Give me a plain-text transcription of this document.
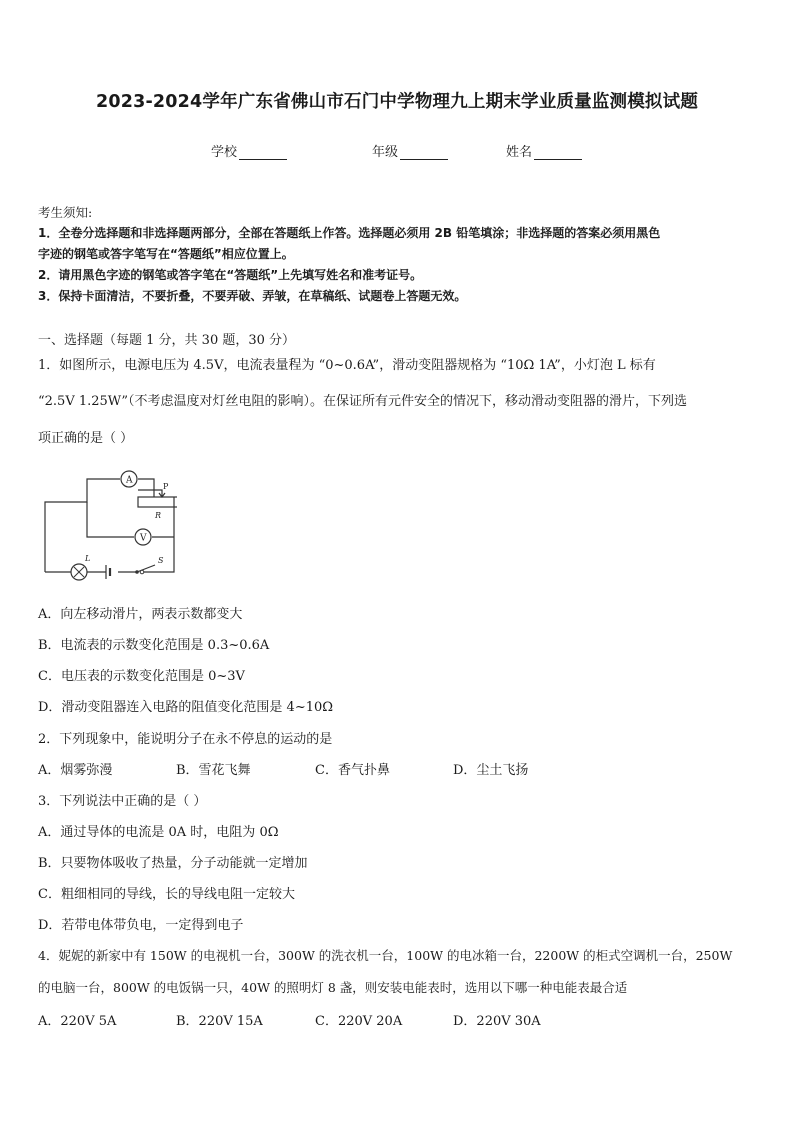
2023-2024学年广东省佛山市石门中学物理九上期末学业质量监测模拟试题
学校	年级	姓名
考生须知:
1．全卷分选择题和非选择题两部分，全部在答题纸上作答。选择题必须用 2B 铅笔填涂；非选择题的答案必须用黑色
字迹的钢笔或答字笔写在“答题纸”相应位置上。
2．请用黑色字迹的钢笔或答字笔在“答题纸”上先填写姓名和准考证号。
3．保持卡面清洁，不要折叠，不要弄破、弄皱，在草稿纸、试题卷上答题无效。
一、选择题（每题 1 分，共 30 题，30 分）
1．如图所示，电源电压为 4.5V，电流表量程为 “0~0.6A”，滑动变阻器规格为 “10Ω 1A”，小灯泡 L 标有
“2.5V 1.25W”（不考虑温度对灯丝电阻的影响）。在保证所有元件安全的情况下，移动滑动变阻器的滑片，下列选
项正确的是（ ）
A
V
P
R
L	S
A．向左移动滑片，两表示数都变大
B．电流表的示数变化范围是 0.3~0.6A
C．电压表的示数变化范围是 0~3V
D．滑动变阻器连入电路的阻值变化范围是 4~10Ω
2．下列现象中，能说明分子在永不停息的运动的是
A．烟雾弥漫	B．雪花飞舞	C．香气扑鼻	D．尘土飞扬
3．下列说法中正确的是（ ）
A．通过导体的电流是 0A 时，电阻为 0Ω
B．只要物体吸收了热量，分子动能就一定增加
C．粗细相同的导线，长的导线电阻一定较大
D．若带电体带负电，一定得到电子
4．妮妮的新家中有 150W 的电视机一台，300W 的洗衣机一台，100W 的电冰箱一台，2200W 的柜式空调机一台，250W
的电脑一台，800W 的电饭锅一只，40W 的照明灯 8 盏，则安装电能表时，选用以下哪一种电能表最合适
A．220V 5A	B．220V 15A	C．220V 20A	D．220V 30A
